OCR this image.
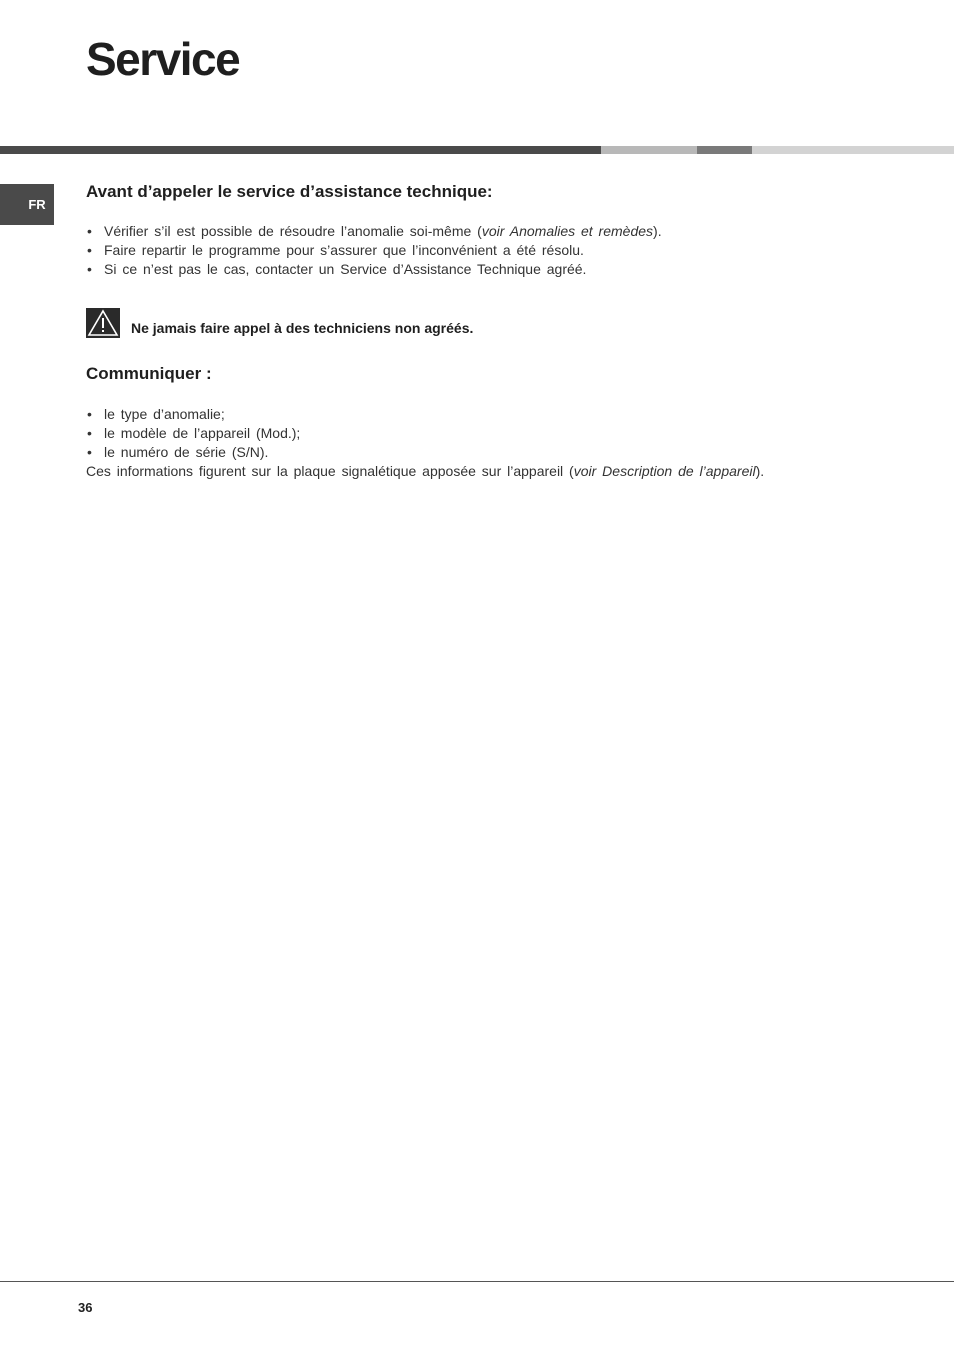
Service
FR
Avant d’appeler le service d’assistance technique:
• Vérifier s’il est possible de résoudre l’anomalie soi-même (voir Anomalies et remèdes).
• Faire repartir le programme pour s’assurer que l’inconvénient a été résolu.
• Si ce n’est pas le cas, contacter un Service d’Assistance Technique agréé.
Ne jamais faire appel à des techniciens non agréés.
Communiquer :
• le type d’anomalie;
• le modèle de l’appareil (Mod.);
• le numéro de série (S/N).
Ces informations figurent sur la plaque signalétique apposée sur l’appareil (voir Description de l’appareil).
36
